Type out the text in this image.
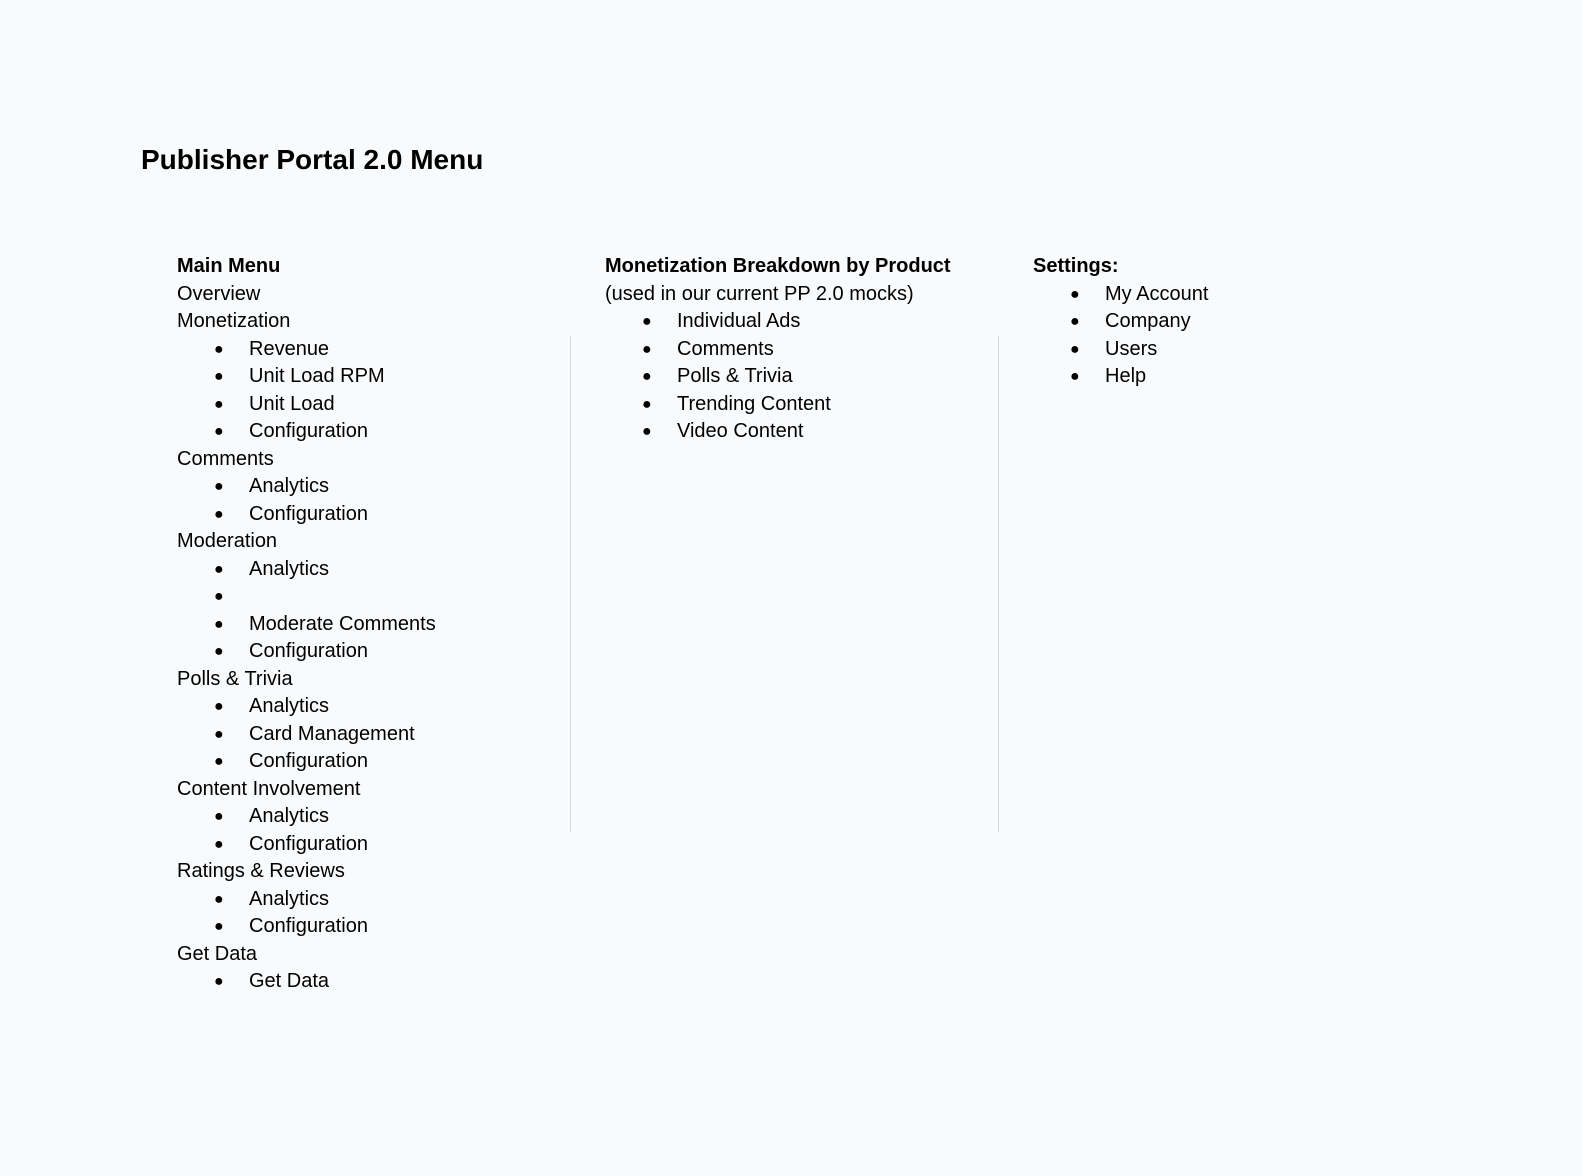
Publisher Portal 2.0 Menu

Main Menu

Overview

Monetization

● Revenue
● Unit Load RPM
● Unit Load
● Configuration

Comments

● Analytics
● Configuration

Moderation

● Analytics
●
● Moderate Comments
● Configuration

Polls & Trivia

● Analytics
● Card Management
● Configuration

Content Involvement

● Analytics
● Configuration

Ratings & Reviews

● Analytics
● Configuration

Get Data

● Get Data

Monetization Breakdown by Product

(used in our current PP 2.0 mocks)

● Individual Ads
● Comments
● Polls & Trivia
● Trending Content
● Video Content

Settings:

● My Account
● Company
● Users
● Help
